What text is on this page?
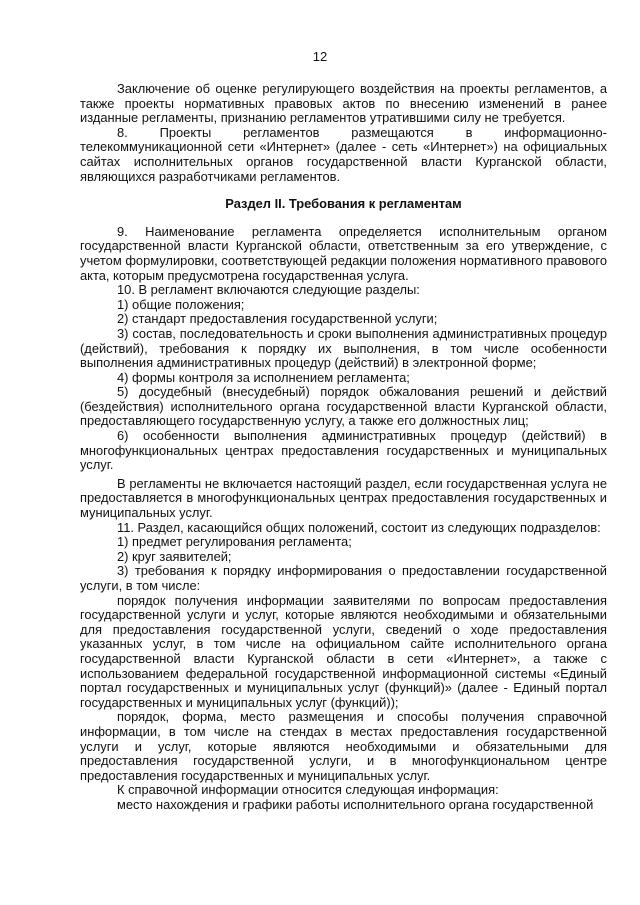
12

Заключение об оценке регулирующего воздействия на проекты регламентов, а также проекты нормативных правовых актов по внесению изменений в ранее изданные регламенты, признанию регламентов утратившими силу не требуется.

8. Проекты регламентов размещаются в информационно-телекоммуникационной сети «Интернет» (далее - сеть «Интернет») на официальных сайтах исполнительных органов государственной власти Курганской области, являющихся разработчиками регламентов.

Раздел II. Требования к регламентам

9. Наименование регламента определяется исполнительным органом государственной власти Курганской области, ответственным за его утверждение, с учетом формулировки, соответствующей редакции положения нормативного правового акта, которым предусмотрена государственная услуга.

10. В регламент включаются следующие разделы:

1) общие положения;

2) стандарт предоставления государственной услуги;

3) состав, последовательность и сроки выполнения административных процедур (действий), требования к порядку их выполнения, в том числе особенности выполнения административных процедур (действий) в электронной форме;

4) формы контроля за исполнением регламента;

5) досудебный (внесудебный) порядок обжалования решений и действий (бездействия) исполнительного органа государственной власти Курганской области, предоставляющего государственную услугу, а также его должностных лиц;

6) особенности выполнения административных процедур (действий) в многофункциональных центрах предоставления государственных и муниципальных услуг.

В регламенты не включается настоящий раздел, если государственная услуга не предоставляется в многофункциональных центрах предоставления государственных и муниципальных услуг.

11. Раздел, касающийся общих положений, состоит из следующих подразделов:

1) предмет регулирования регламента;

2) круг заявителей;

3) требования к порядку информирования о предоставлении государственной услуги, в том числе:

порядок получения информации заявителями по вопросам предоставления государственной услуги и услуг, которые являются необходимыми и обязательными для предоставления государственной услуги, сведений о ходе предоставления указанных услуг, в том числе на официальном сайте исполнительного органа государственной власти Курганской области в сети «Интернет», а также с использованием федеральной государственной информационной системы «Единый портал государственных и муниципальных услуг (функций)» (далее - Единый портал государственных и муниципальных услуг (функций));

порядок, форма, место размещения и способы получения справочной информации, в том числе на стендах в местах предоставления государственной услуги и услуг, которые являются необходимыми и обязательными для предоставления государственной услуги, и в многофункциональном центре предоставления государственных и муниципальных услуг.

К справочной информации относится следующая информация:

место нахождения и графики работы исполнительного органа государственной
